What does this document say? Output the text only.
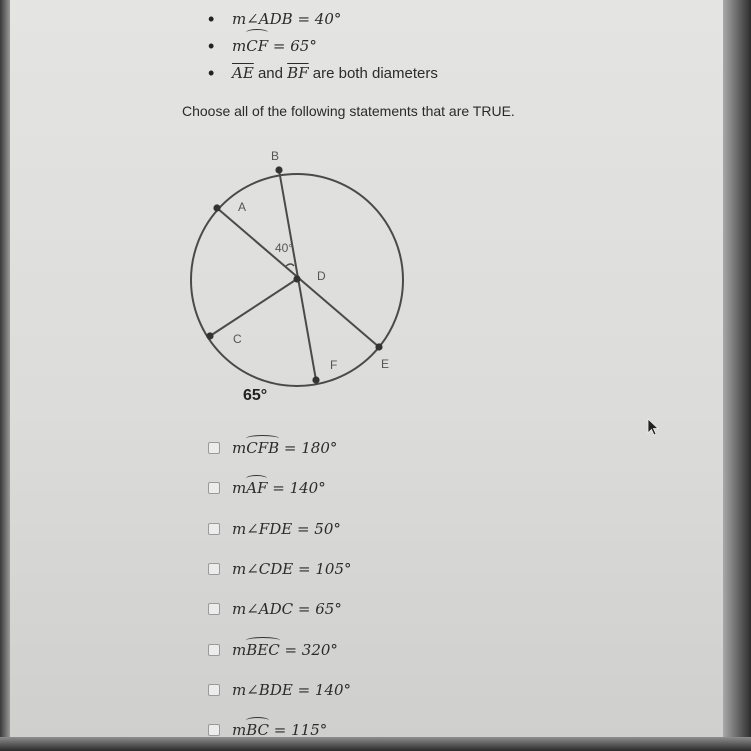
• m∠ADB = 40°
• mCF = 65°
• $\overline{AE}$ and $\overline{BF}$ are both diameters
Choose all of the following statements that are TRUE.
B
A
D
C
F	E
40°
65°
mCFB = 180°
mAF = 140°
m∠FDE = 50°
m∠CDE = 105°
m∠ADC = 65°
mBEC = 320°
m∠BDE = 140°
mBC = 115°
